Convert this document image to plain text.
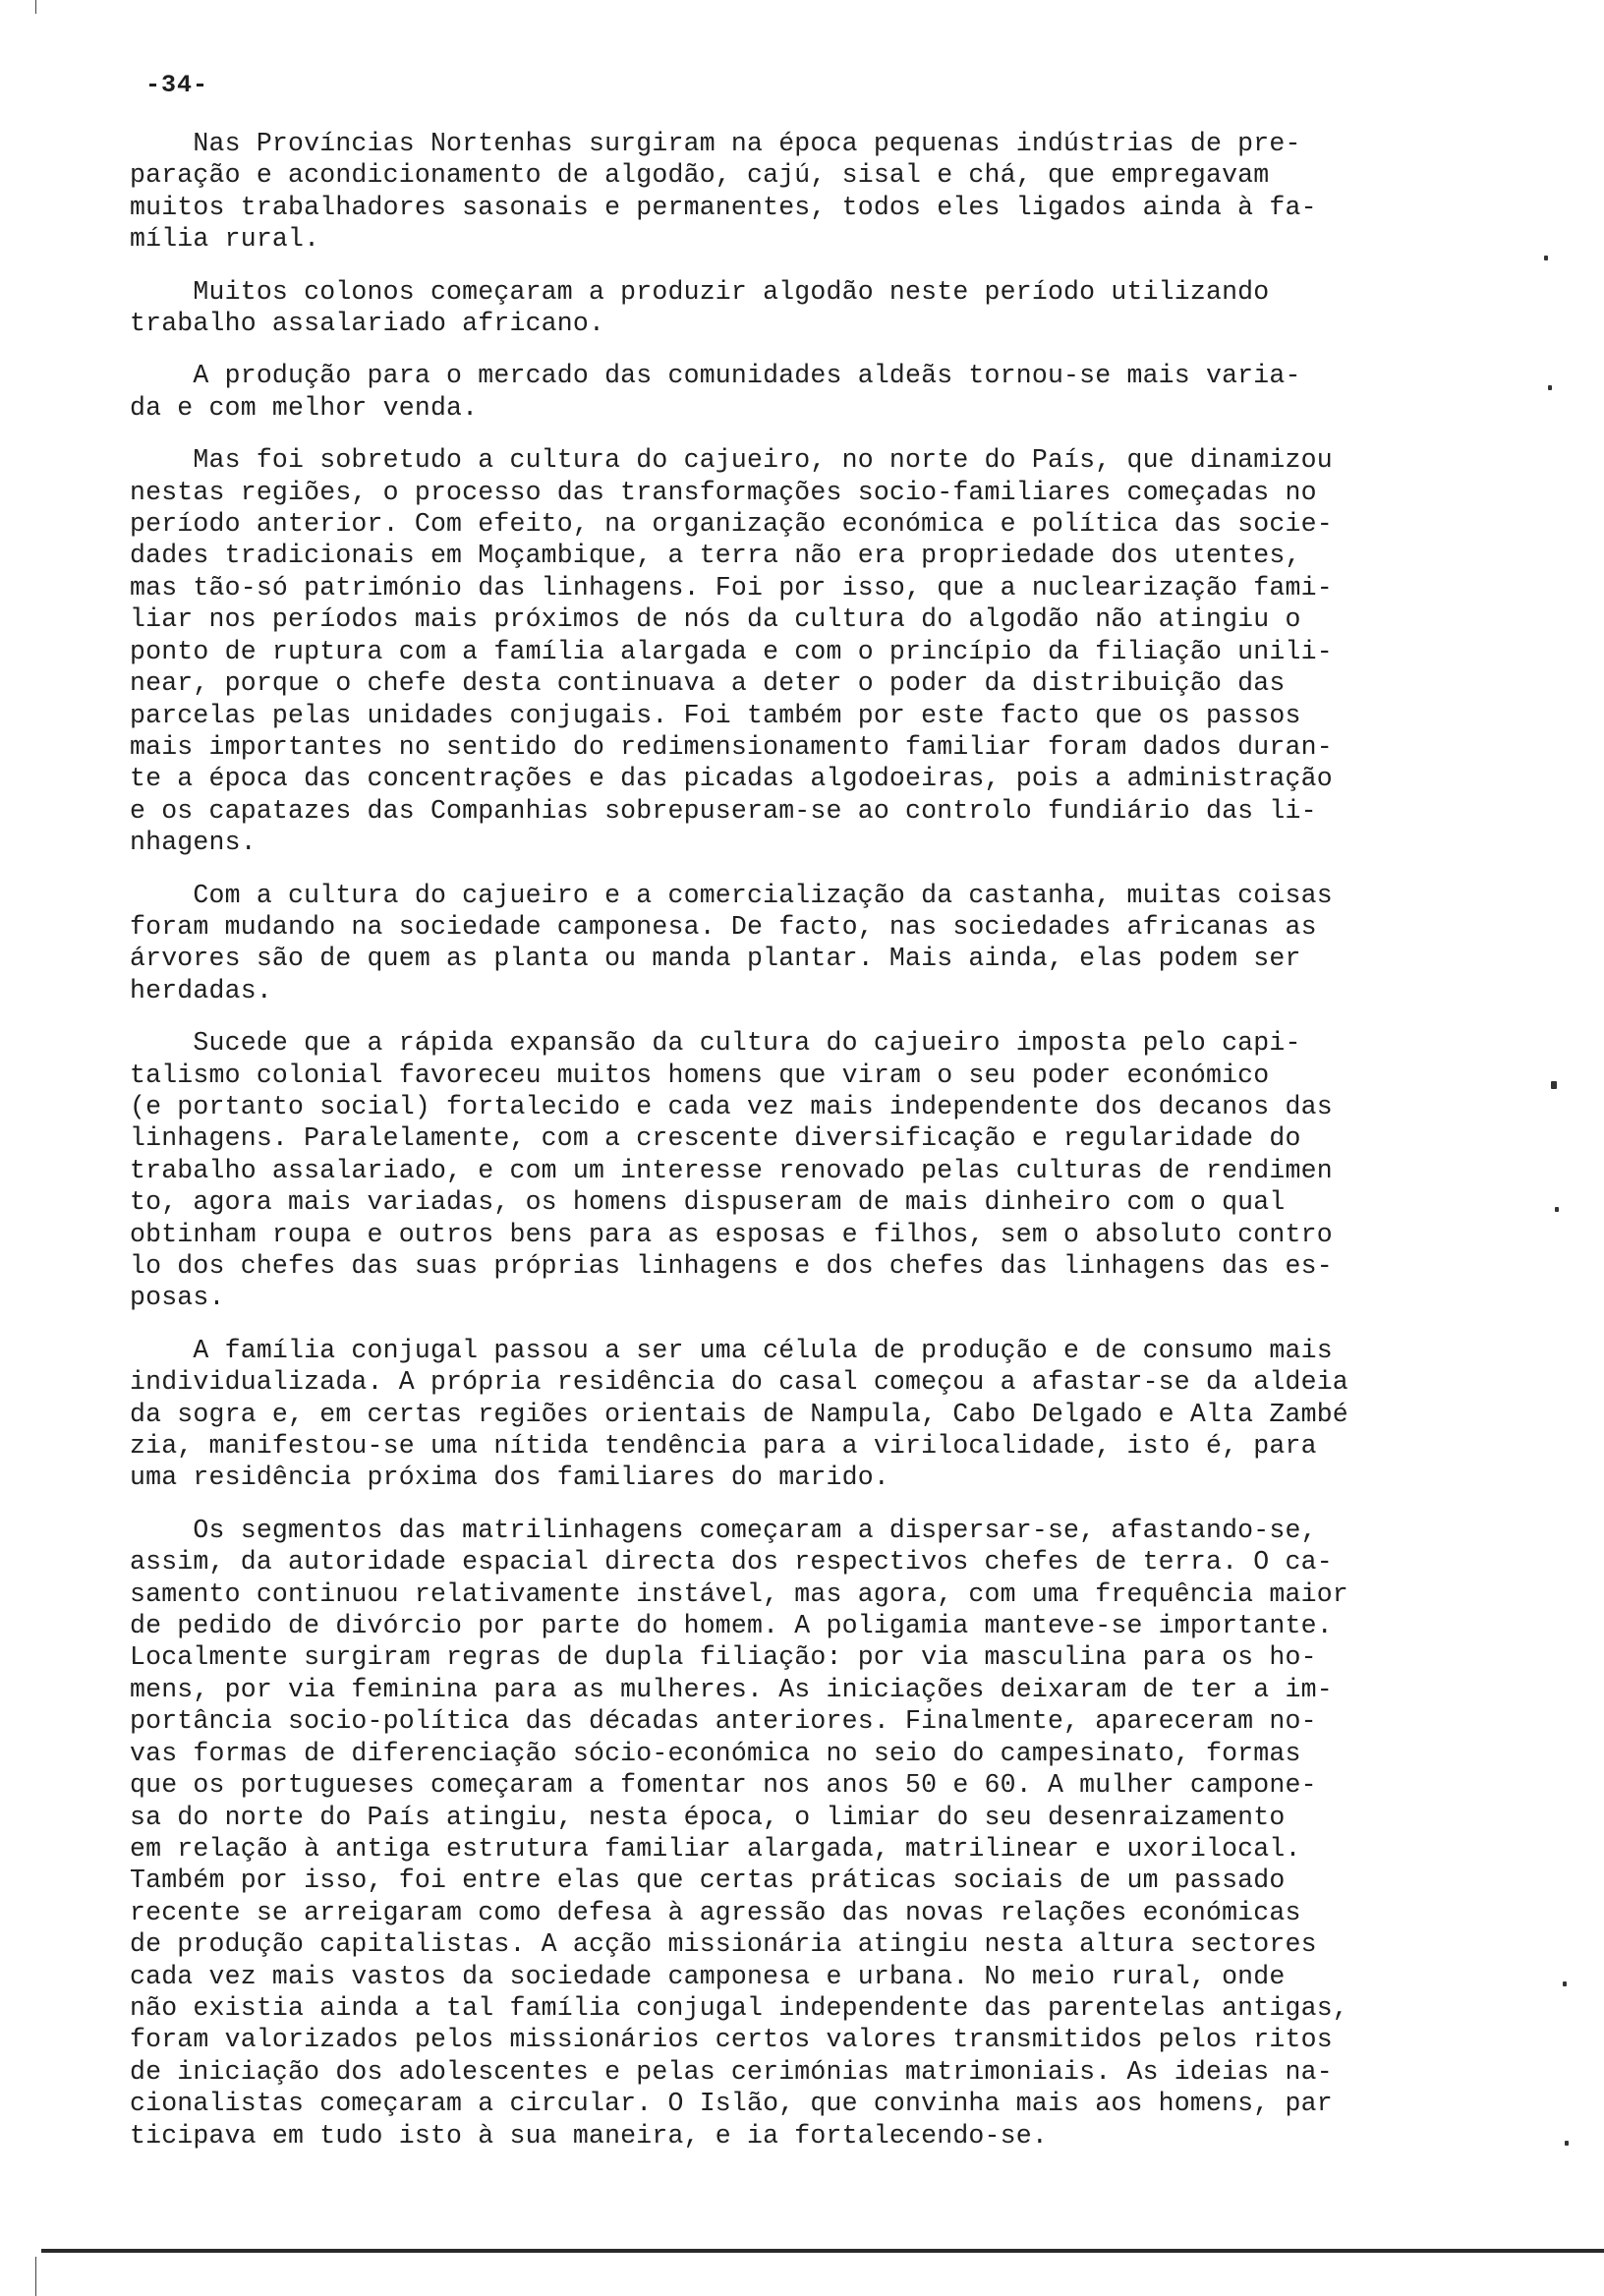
-34-

Nas Províncias Nortenhas surgiram na época pequenas indústrias de pre-
paração e acondicionamento de algodão, cajú, sisal e chá, que empregavam
muitos trabalhadores sasonais e permanentes, todos eles ligados ainda à fa-
mília rural.

Muitos colonos começaram a produzir algodão neste período utilizando
trabalho assalariado africano.

A produção para o mercado das comunidades aldeãs tornou-se mais varia-
da e com melhor venda.

Mas foi sobretudo a cultura do cajueiro, no norte do País, que dinamizou
nestas regiões, o processo das transformações socio-familiares começadas no
período anterior. Com efeito, na organização económica e política das socie-
dades tradicionais em Moçambique, a terra não era propriedade dos utentes,
mas tão-só património das linhagens. Foi por isso, que a nuclearização fami-
liar nos períodos mais próximos de nós da cultura do algodão não atingiu o
ponto de ruptura com a família alargada e com o princípio da filiação unili-
near, porque o chefe desta continuava a deter o poder da distribuição das
parcelas pelas unidades conjugais. Foi também por este facto que os passos
mais importantes no sentido do redimensionamento familiar foram dados duran-
te a época das concentrações e das picadas algodoeiras, pois a administração
e os capatazes das Companhias sobrepuseram-se ao controlo fundiário das li-
nhagens.

Com a cultura do cajueiro e a comercialização da castanha, muitas coisas
foram mudando na sociedade camponesa. De facto, nas sociedades africanas as
árvores são de quem as planta ou manda plantar. Mais ainda, elas podem ser
herdadas.

Sucede que a rápida expansão da cultura do cajueiro imposta pelo capi-
talismo colonial favoreceu muitos homens que viram o seu poder económico
(e portanto social) fortalecido e cada vez mais independente dos decanos das
linhagens. Paralelamente, com a crescente diversificação e regularidade do
trabalho assalariado, e com um interesse renovado pelas culturas de rendimen
to, agora mais variadas, os homens dispuseram de mais dinheiro com o qual
obtinham roupa e outros bens para as esposas e filhos, sem o absoluto contro
lo dos chefes das suas próprias linhagens e dos chefes das linhagens das es-
posas.

A família conjugal passou a ser uma célula de produção e de consumo mais
individualizada. A própria residência do casal começou a afastar-se da aldeia
da sogra e, em certas regiões orientais de Nampula, Cabo Delgado e Alta Zambé
zia, manifestou-se uma nítida tendência para a virilocalidade, isto é, para
uma residência próxima dos familiares do marido.

Os segmentos das matrilinhagens começaram a dispersar-se, afastando-se,
assim, da autoridade espacial directa dos respectivos chefes de terra. O ca-
samento continuou relativamente instável, mas agora, com uma frequência maior
de pedido de divórcio por parte do homem. A poligamia manteve-se importante.
Localmente surgiram regras de dupla filiação: por via masculina para os ho-
mens, por via feminina para as mulheres. As iniciações deixaram de ter a im-
portância socio-política das décadas anteriores. Finalmente, apareceram no-
vas formas de diferenciação sócio-económica no seio do campesinato, formas
que os portugueses começaram a fomentar nos anos 50 e 60. A mulher campone-
sa do norte do País atingiu, nesta época, o limiar do seu desenraizamento
em relação à antiga estrutura familiar alargada, matrilinear e uxorilocal.
Também por isso, foi entre elas que certas práticas sociais de um passado
recente se arreigaram como defesa à agressão das novas relações económicas
de produção capitalistas. A acção missionária atingiu nesta altura sectores
cada vez mais vastos da sociedade camponesa e urbana. No meio rural, onde
não existia ainda a tal família conjugal independente das parentelas antigas,
foram valorizados pelos missionários certos valores transmitidos pelos ritos
de iniciação dos adolescentes e pelas cerimónias matrimoniais. As ideias na-
cionalistas começaram a circular. O Islão, que convinha mais aos homens, par
ticipava em tudo isto à sua maneira, e ia fortalecendo-se.
